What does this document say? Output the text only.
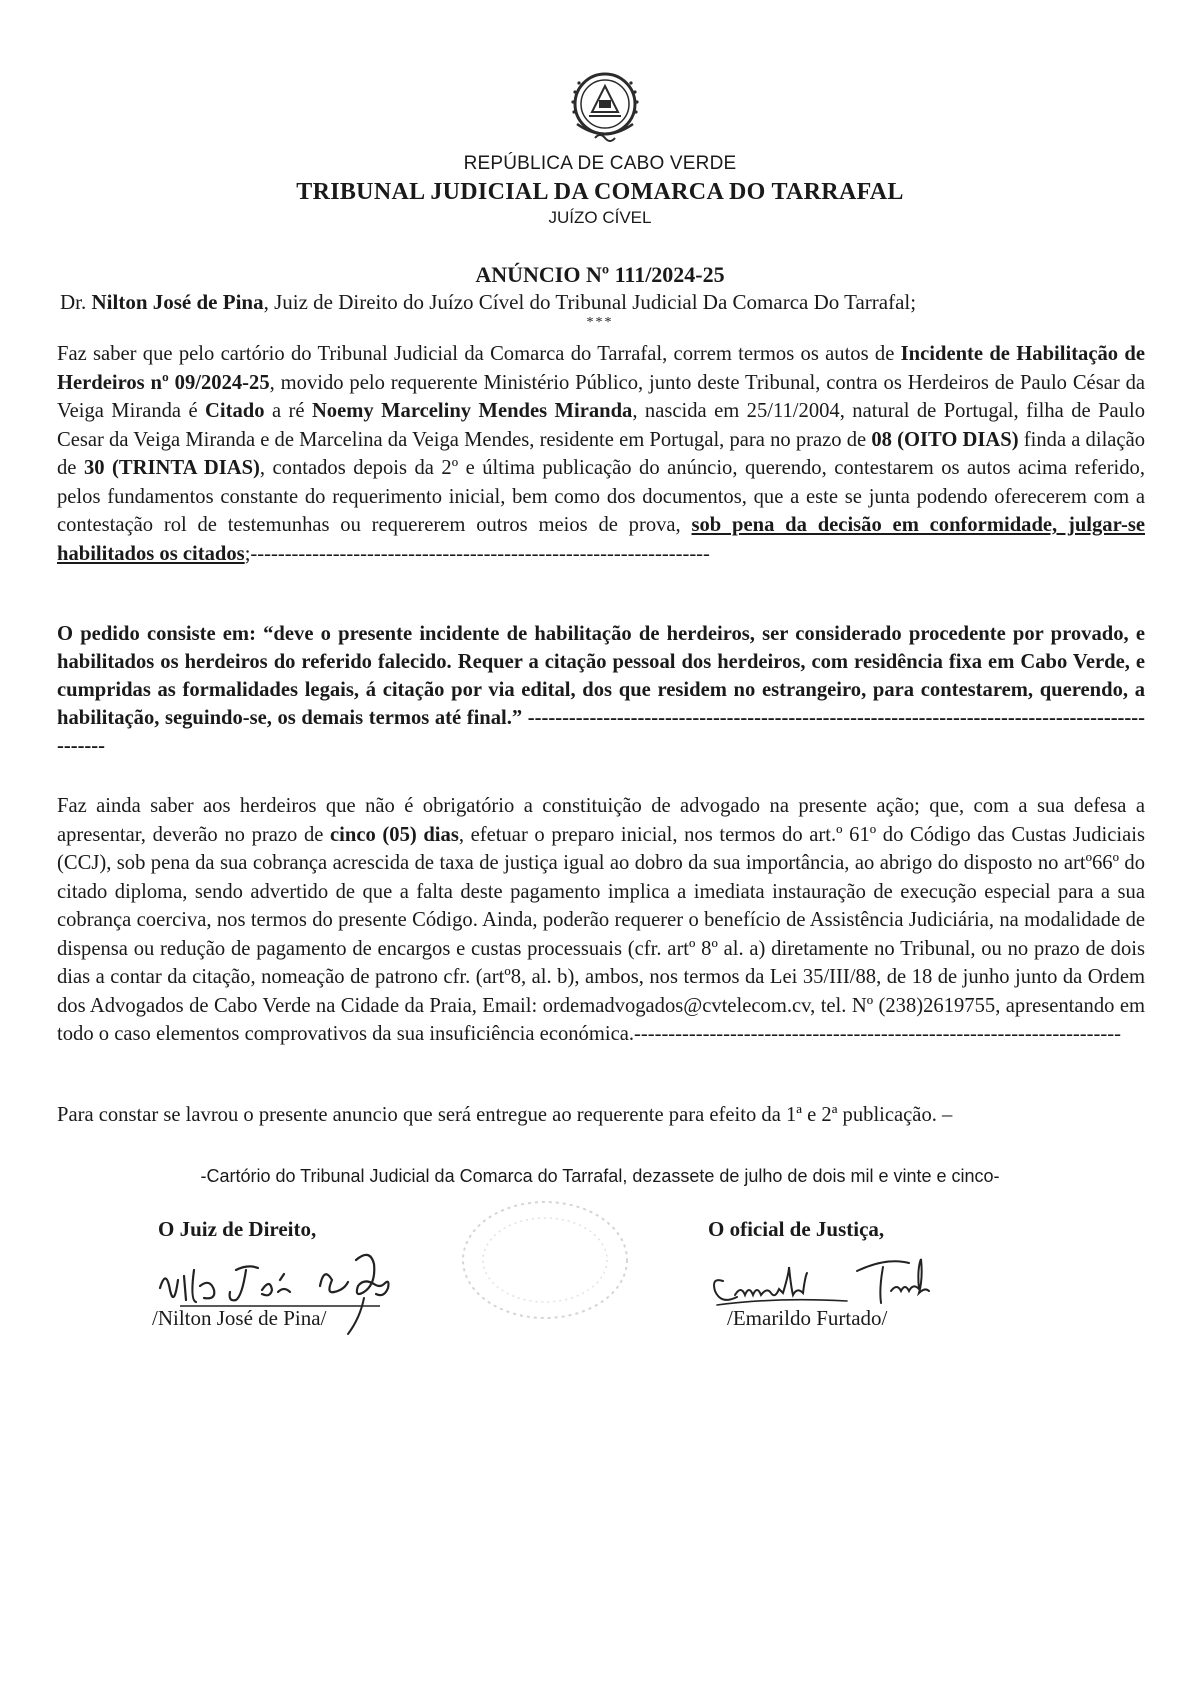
REPÚBLICA DE CABO VERDE
TRIBUNAL JUDICIAL DA COMARCA DO TARRAFAL
JUÍZO CÍVEL
ANÚNCIO Nº 111/2024-25
Dr. Nilton José de Pina, Juiz de Direito do Juízo Cível do Tribunal Judicial Da Comarca Do Tarrafal;
***

Faz saber que pelo cartório do Tribunal Judicial da Comarca do Tarrafal, correm termos os autos de Incidente de Habilitação de Herdeiros nº 09/2024-25, movido pelo requerente Ministério Público, junto deste Tribunal, contra os Herdeiros de Paulo César da Veiga Miranda é Citado a ré Noemy Marceliny Mendes Miranda, nascida em 25/11/2004, natural de Portugal, filha de Paulo Cesar da Veiga Miranda e de Marcelina da Veiga Mendes, residente em Portugal, para no prazo de 08 (OITO DIAS) finda a dilação de 30 (TRINTA DIAS), contados depois da 2º e última publicação do anúncio, querendo, contestarem os autos acima referido, pelos fundamentos constante do requerimento inicial, bem como dos documentos, que a este se junta podendo oferecerem com a contestação rol de testemunhas ou requererem outros meios de prova, sob pena da decisão em conformidade, julgar-se habilitados os citados;-------------------------------------------------------------------

O pedido consiste em: “deve o presente incidente de habilitação de herdeiros, ser considerado procedente por provado, e habilitados os herdeiros do referido falecido. Requer a citação pessoal dos herdeiros, com residência fixa em Cabo Verde, e cumpridas as formalidades legais, á citação por via edital, dos que residem no estrangeiro, para contestarem, querendo, a habilitação, seguindo-se, os demais termos até final.” -------------------------------------------------------------------------------------------------

Faz ainda saber aos herdeiros que não é obrigatório a constituição de advogado na presente ação; que, com a sua defesa a apresentar, deverão no prazo de cinco (05) dias, efetuar o preparo inicial, nos termos do art.º 61º do Código das Custas Judiciais (CCJ), sob pena da sua cobrança acrescida de taxa de justiça igual ao dobro da sua importância, ao abrigo do disposto no artº66º do citado diploma, sendo advertido de que a falta deste pagamento implica a imediata instauração de execução especial para a sua cobrança coerciva, nos termos do presente Código. Ainda, poderão requerer o benefício de Assistência Judiciária, na modalidade de dispensa ou redução de pagamento de encargos e custas processuais (cfr. artº 8º al. a) diretamente no Tribunal, ou no prazo de dois dias a contar da citação, nomeação de patrono cfr. (artº8, al. b), ambos, nos termos da Lei 35/III/88, de 18 de junho junto da Ordem dos Advogados de Cabo Verde na Cidade da Praia, Email: ordemadvogados@cvtelecom.cv, tel. Nº (238)2619755, apresentando em todo o caso elementos comprovativos da sua insuficiência económica.-----------------------------------------------------------------------

Para constar se lavrou o presente anuncio que será entregue ao requerente para efeito da 1ª e 2ª publicação. –

-Cartório do Tribunal Judicial da Comarca do Tarrafal, dezassete de julho de dois mil e vinte e cinco-
O Juiz de Direito,	O oficial de Justiça,
/Nilton José de Pina/	/Emarildo Furtado/
